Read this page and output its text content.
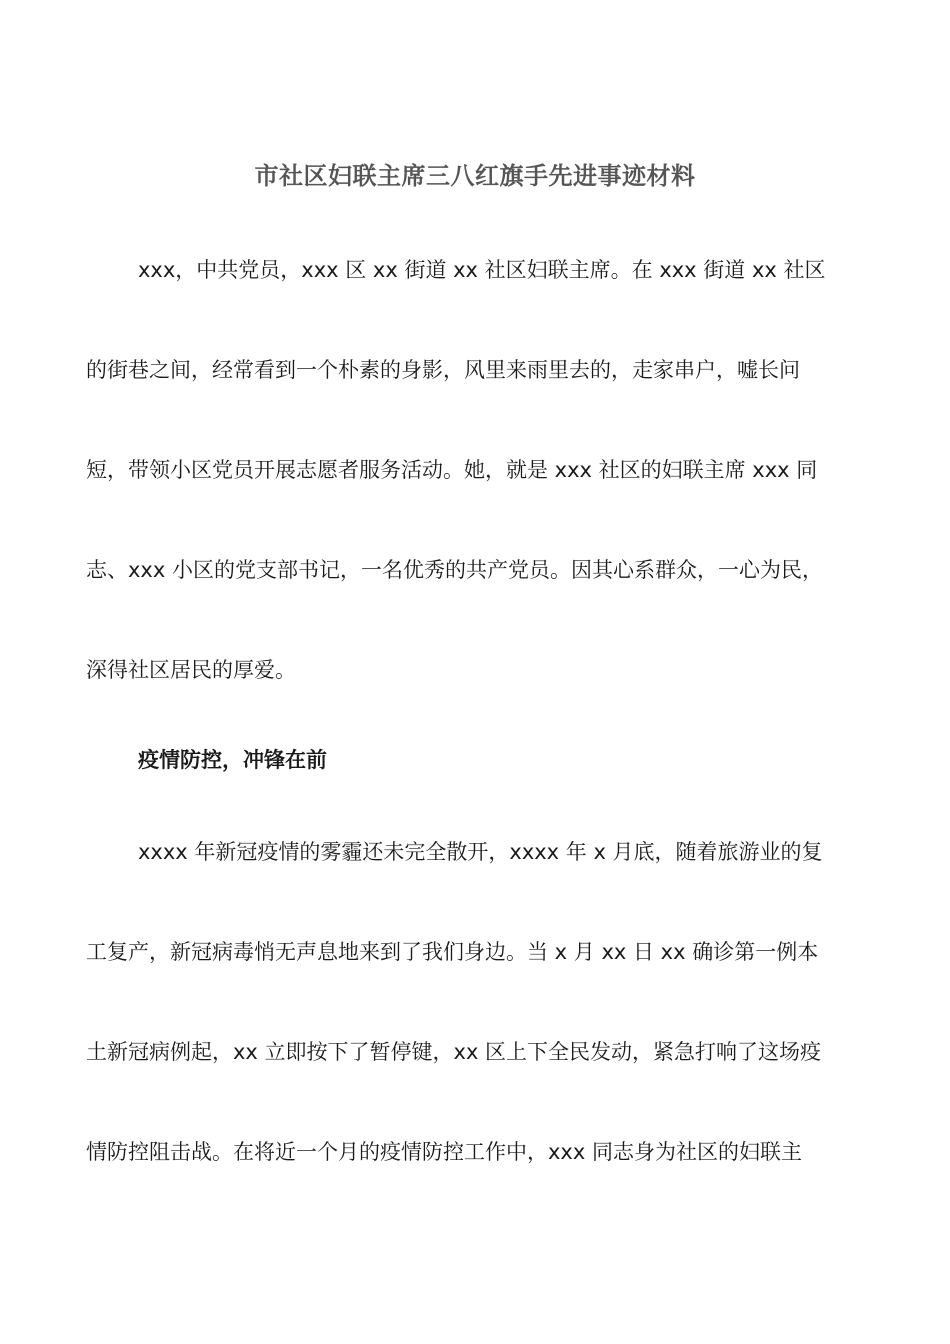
市社区妇联主席三八红旗手先进事迹材料
xxx，中共党员，xxx 区 xx 街道 xx 社区妇联主席。在 xxx 街道 xx 社区
的街巷之间，经常看到一个朴素的身影，风里来雨里去的，走家串户，嘘长问
短，带领小区党员开展志愿者服务活动。她，就是 xxx 社区的妇联主席 xxx 同
志、xxx 小区的党支部书记，一名优秀的共产党员。因其心系群众，一心为民，
深得社区居民的厚爱。
疫情防控，冲锋在前
xxxx 年新冠疫情的雾霾还未完全散开，xxxx 年 x 月底，随着旅游业的复
工复产，新冠病毒悄无声息地来到了我们身边。当 x 月 xx 日 xx 确诊第一例本
土新冠病例起，xx 立即按下了暂停键，xx 区上下全民发动，紧急打响了这场疫
情防控阻击战。在将近一个月的疫情防控工作中，xxx 同志身为社区的妇联主
